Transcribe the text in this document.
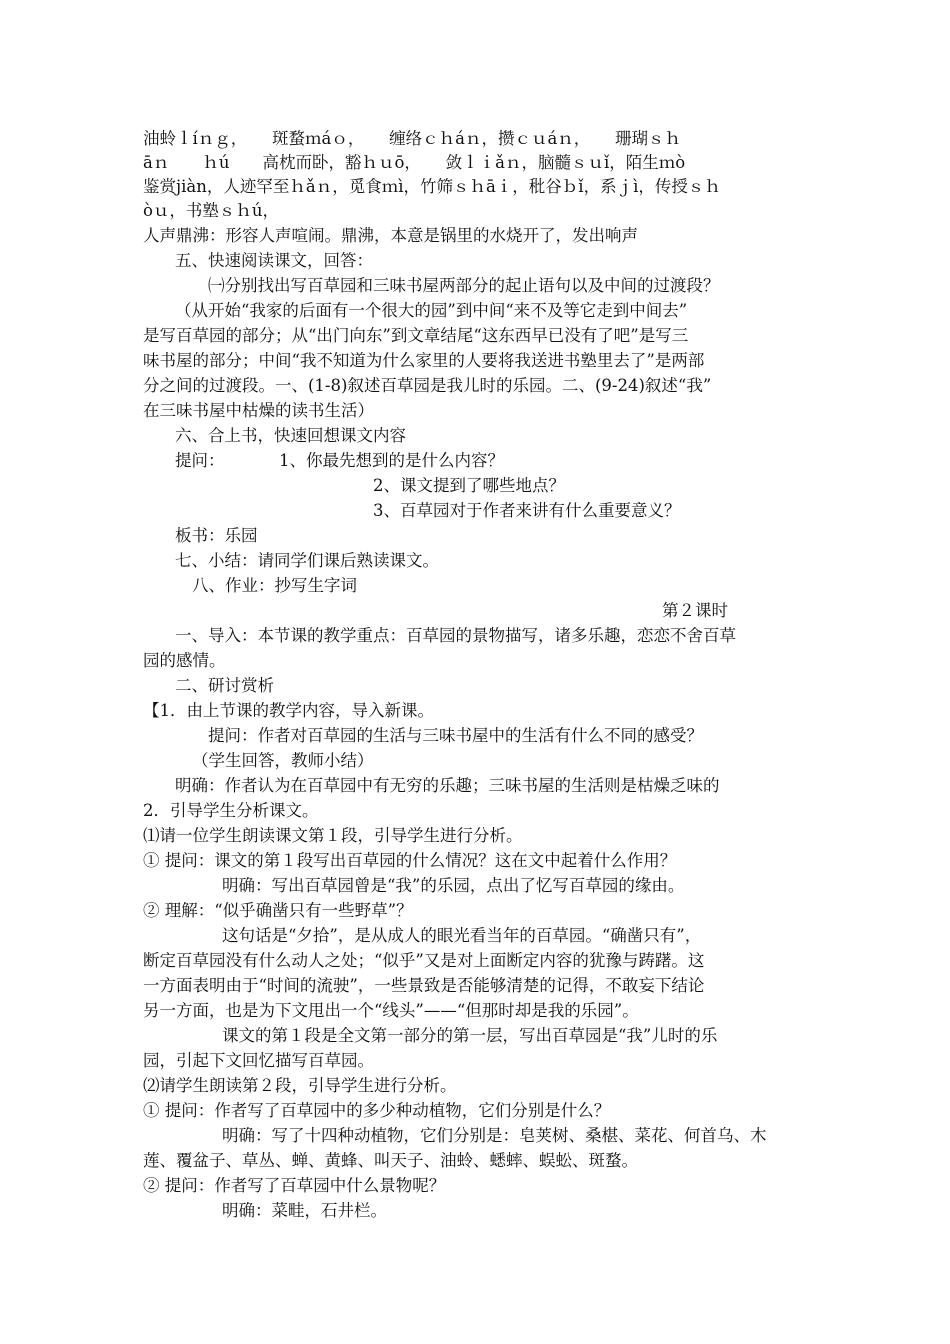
油蛉ｌíｎｇ，　　斑蝥ｍáｏ，　　缠络ｃｈáｎ，攒ｃｕáｎ，　　珊瑚ｓｈ
āｎ　　ｈú　　高枕而卧，豁ｈｕō，　　敛ｌｉǎｎ，脑髓ｓｕǐ，陌生ｍò
鉴赏jiàn，人迹罕至ｈǎｎ，觅食ｍì，竹筛ｓｈāｉ，秕谷ｂǐ，系ｊì，传授ｓｈ
òｕ，书塾ｓｈú，
人声鼎沸：形容人声喧闹。鼎沸，本意是锅里的水烧开了，发出响声
五、快速阅读课文，回答：
㈠分别找出写百草园和三味书屋两部分的起止语句以及中间的过渡段？
（从开始“我家的后面有一个很大的园”到中间“来不及等它走到中间去”
是写百草园的部分；从“出门向东”到文章结尾“这东西早已没有了吧”是写三
味书屋的部分；中间“我不知道为什么家里的人要将我送进书塾里去了”是两部
分之间的过渡段。一、(1-8)叙述百草园是我儿时的乐园。二、(9-24)叙述“我”
在三味书屋中枯燥的读书生活）
六、合上书，快速回想课文内容
提问：	1、你最先想到的是什么内容？
2、课文提到了哪些地点？
3、百草园对于作者来讲有什么重要意义？
板书：乐园
七、小结：请同学们课后熟读课文。
八、作业：抄写生字词
第２课时
一、导入：本节课的教学重点：百草园的景物描写，诸多乐趣，恋恋不舍百草
园的感情。
二、研讨赏析
【1．由上节课的教学内容，导入新课。
提问：作者对百草园的生活与三味书屋中的生活有什么不同的感受？
（学生回答，教师小结）
明确：作者认为在百草园中有无穷的乐趣；三味书屋的生活则是枯燥乏味的
2．引导学生分析课文。
⑴请一位学生朗读课文第１段，引导学生进行分析。
① 提问：课文的第１段写出百草园的什么情况？这在文中起着什么作用？
明确：写出百草园曾是“我”的乐园，点出了忆写百草园的缘由。
② 理解：“似乎确凿只有一些野草”？
这句话是“夕拾”，是从成人的眼光看当年的百草园。“确凿只有”，
断定百草园没有什么动人之处；“似乎”又是对上面断定内容的犹豫与踌躇。这
一方面表明由于“时间的流驶”，一些景致是否能够清楚的记得，不敢妄下结论
另一方面，也是为下文甩出一个“线头”——“但那时却是我的乐园”。
课文的第１段是全文第一部分的第一层，写出百草园是“我”儿时的乐
园，引起下文回忆描写百草园。
⑵请学生朗读第２段，引导学生进行分析。
① 提问：作者写了百草园中的多少种动植物，它们分别是什么？
明确：写了十四种动植物，它们分别是：皂荚树、桑椹、菜花、何首乌、木
莲、覆盆子、草丛、蝉、黄蜂、叫天子、油蛉、蟋蟀、蜈蚣、斑蝥。
② 提问：作者写了百草园中什么景物呢？
明确：菜畦，石井栏。
